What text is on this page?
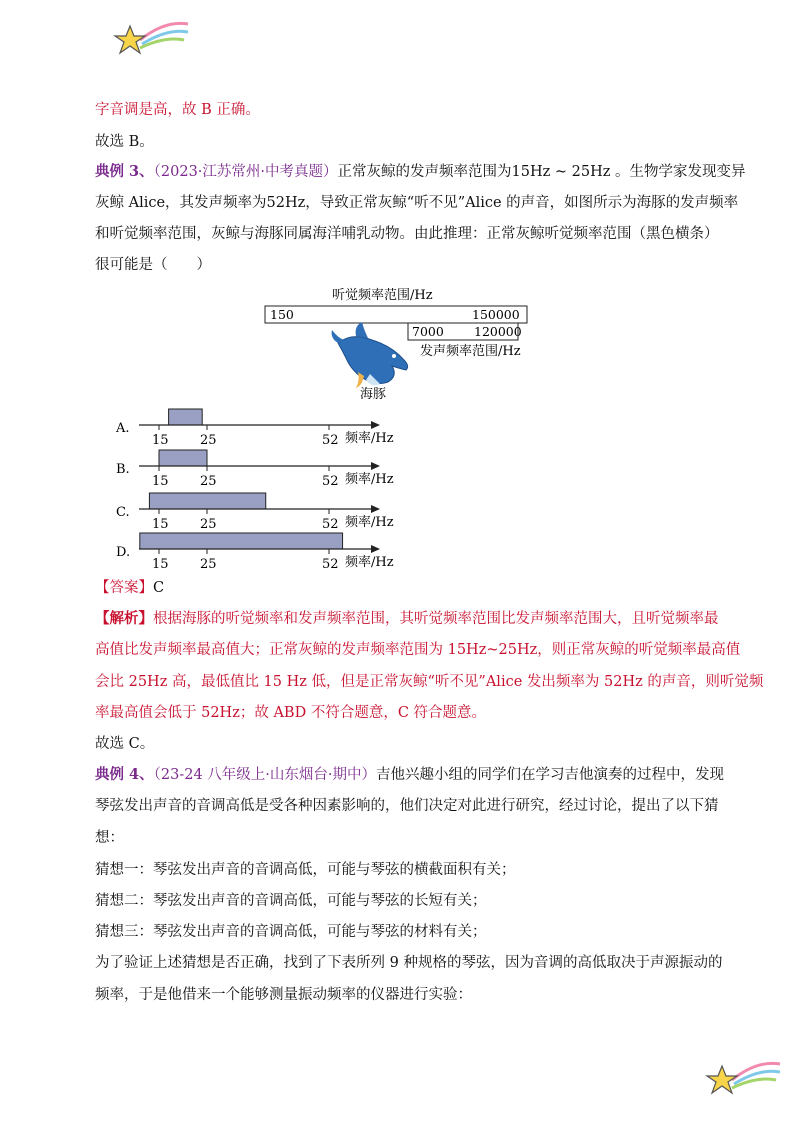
字音调是高，故 B 正确。
故选 B。
典例 3、（2023·江苏常州·中考真题）正常灰鲸的发声频率范围为15Hz ~ 25Hz 。生物学家发现变异
灰鲸 Alice，其发声频率为52Hz，导致正常灰鲸“听不见”Alice 的声音，如图所示为海豚的发声频率
和听觉频率范围，灰鲸与海豚同属海洋哺乳动物。由此推理：正常灰鲸听觉频率范围（黑色横条）
很可能是（　　）
听觉频率范围/Hz
150	150000
7000 120000
发声频率范围/Hz
海豚
A.
15 25	52 频率/Hz
B.
15 25	52 频率/Hz
C.
15 25	52 频率/Hz
D.
15 25	52 频率/Hz
【答案】C
【解析】根据海豚的听觉频率和发声频率范围，其听觉频率范围比发声频率范围大，且听觉频率最
高值比发声频率最高值大；正常灰鲸的发声频率范围为 15Hz~25Hz，则正常灰鲸的听觉频率最高值
会比 25Hz 高，最低值比 15 Hz 低，但是正常灰鲸“听不见”Alice 发出频率为 52Hz 的声音，则听觉频
率最高值会低于 52Hz；故 ABD 不符合题意，C 符合题意。
故选 C。
典例 4、（23-24 八年级上·山东烟台·期中）吉他兴趣小组的同学们在学习吉他演奏的过程中，发现
琴弦发出声音的音调高低是受各种因素影响的，他们决定对此进行研究，经过讨论，提出了以下猜
想：
猜想一：琴弦发出声音的音调高低，可能与琴弦的横截面积有关；
猜想二：琴弦发出声音的音调高低，可能与琴弦的长短有关；
猜想三：琴弦发出声音的音调高低，可能与琴弦的材料有关；
为了验证上述猜想是否正确，找到了下表所列 9 种规格的琴弦，因为音调的高低取决于声源振动的
频率，于是他借来一个能够测量振动频率的仪器进行实验：
